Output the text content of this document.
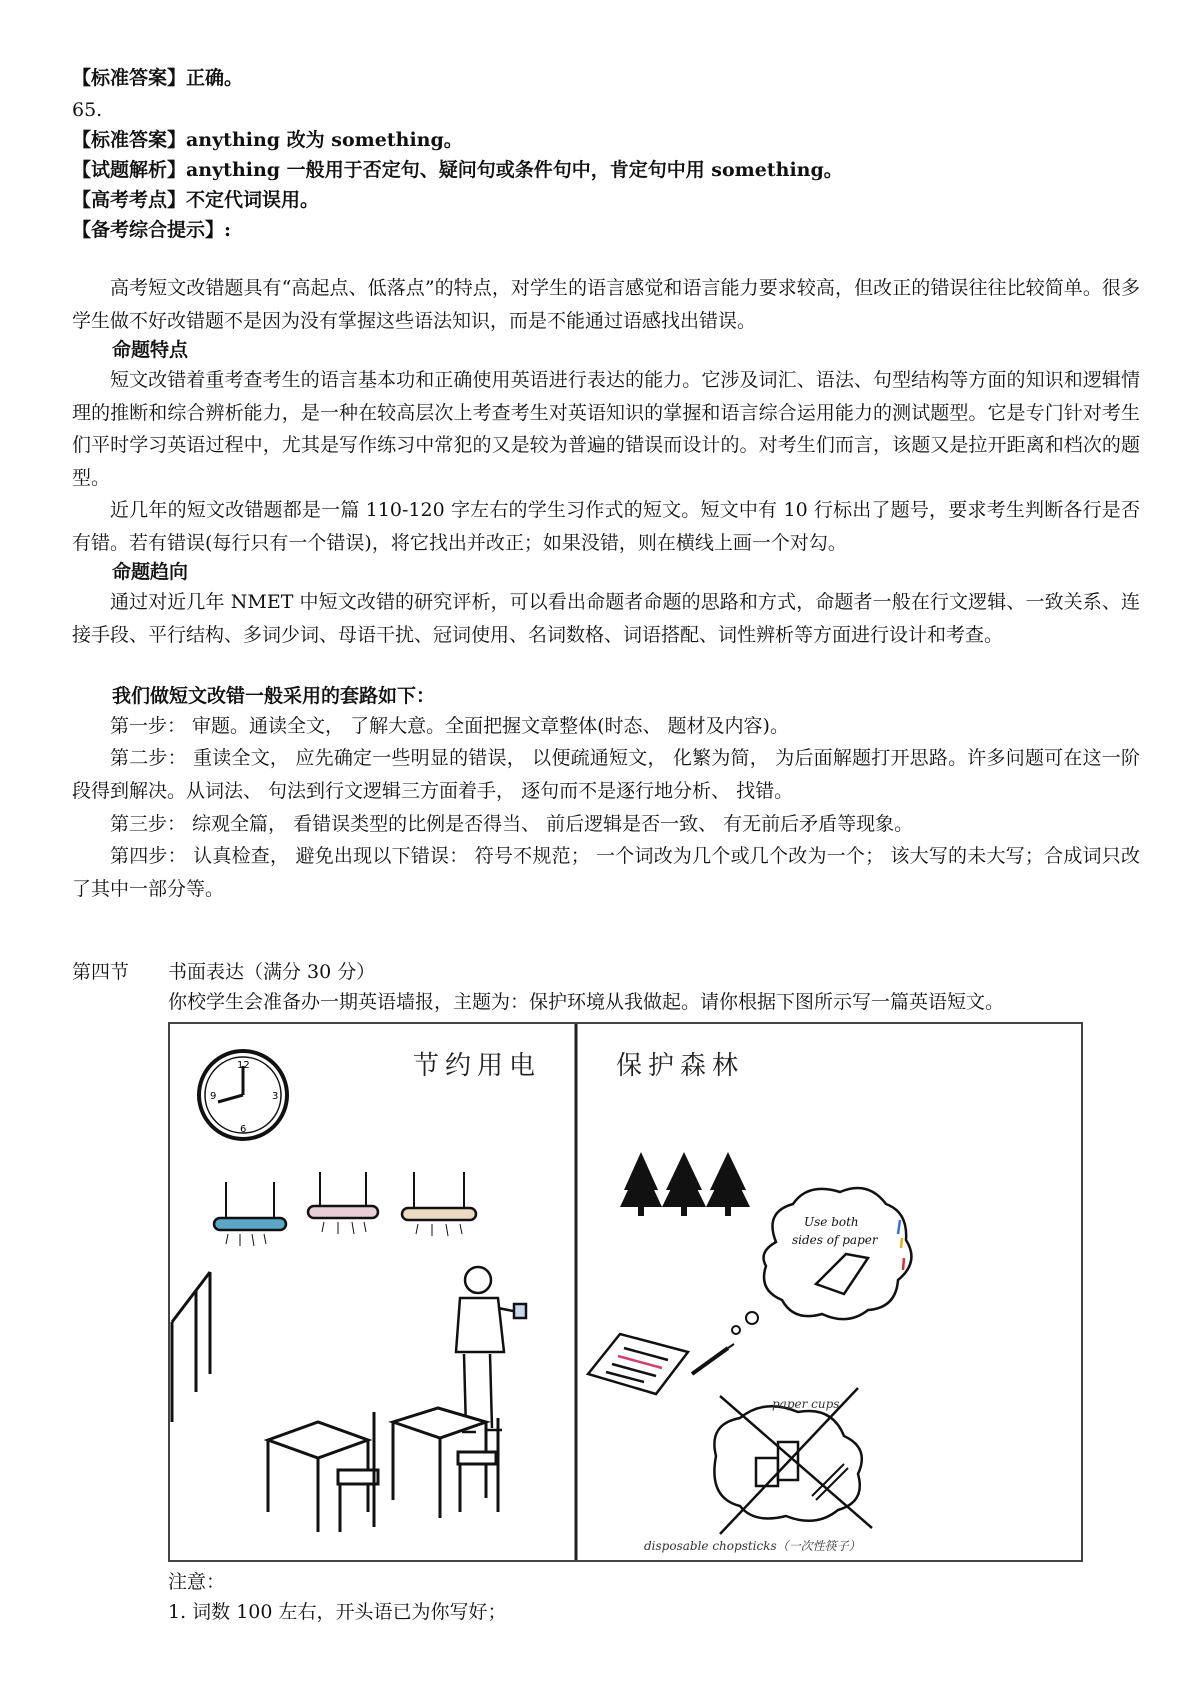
【标准答案】正确。
65.
【标准答案】anything 改为 something。
【试题解析】anything 一般用于否定句、疑问句或条件句中，肯定句中用 something。
【高考考点】不定代词误用。
【备考综合提示】:
高考短文改错题具有“高起点、低落点”的特点，对学生的语言感觉和语言能力要求较高，但改正的错误往往比较简单。很多学生做不好改错题不是因为没有掌握这些语法知识，而是不能通过语感找出错误。
命题特点
短文改错着重考查考生的语言基本功和正确使用英语进行表达的能力。它涉及词汇、语法、句型结构等方面的知识和逻辑情理的推断和综合辨析能力，是一种在较高层次上考查考生对英语知识的掌握和语言综合运用能力的测试题型。它是专门针对考生们平时学习英语过程中，尤其是写作练习中常犯的又是较为普遍的错误而设计的。对考生们而言，该题又是拉开距离和档次的题型。
近几年的短文改错题都是一篇 110-120 字左右的学生习作式的短文。短文中有 10 行标出了题号，要求考生判断各行是否有错。若有错误(每行只有一个错误)，将它找出并改正；如果没错，则在横线上画一个对勾。
命题趋向
通过对近几年 NMET 中短文改错的研究评析，可以看出命题者命题的思路和方式，命题者一般在行文逻辑、一致关系、连接手段、平行结构、多词少词、母语干扰、冠词使用、名词数格、词语搭配、词性辨析等方面进行设计和考查。
我们做短文改错一般采用的套路如下：
第一步： 审题。通读全文， 了解大意。全面把握文章整体(时态、 题材及内容)。
第二步： 重读全文， 应先确定一些明显的错误， 以便疏通短文， 化繁为简， 为后面解题打开思路。许多问题可在这一阶段得到解决。从词法、 句法到行文逻辑三方面着手， 逐句而不是逐行地分析、 找错。
第三步： 综观全篇， 看错误类型的比例是否得当、 前后逻辑是否一致、 有无前后矛盾等现象。
第四步： 认真检查， 避免出现以下错误： 符号不规范； 一个词改为几个或几个改为一个； 该大写的未大写；合成词只改了其中一部分等。
第四节 书面表达（满分 30 分）
你校学生会准备办一期英语墙报，主题为：保护环境从我做起。请你根据下图所示写一篇英语短文。
节约用电
12
3
6
9
保护森林
Use both
sides of paper
paper cups
disposable chopsticks（一次性筷子）
注意：
1. 词数 100 左右，开头语已为你写好；
